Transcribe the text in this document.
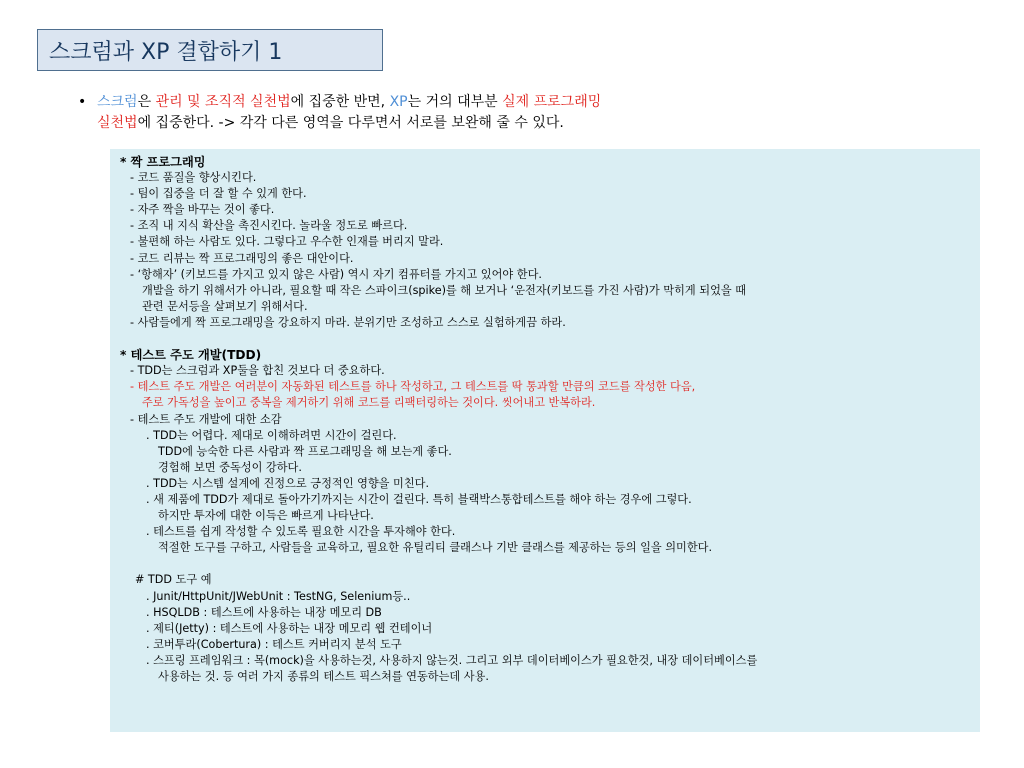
스크럼과 XP 결합하기 1
• 스크럼은 관리 및 조직적 실천법에 집중한 반면, XP는 거의 대부분 실제 프로그래밍
실천법에 집중한다. -> 각각 다른 영역을 다루면서 서로를 보완해 줄 수 있다.
* 짝 프로그래밍
- 코드 품질을 향상시킨다.
- 팀이 집중을 더 잘 할 수 있게 한다.
- 자주 짝을 바꾸는 것이 좋다.
- 조직 내 지식 확산을 촉진시킨다. 놀라울 정도로 빠르다.
- 불편해 하는 사람도 있다. 그렇다고 우수한 인재를 버리지 말라.
- 코드 리뷰는 짝 프로그래밍의 좋은 대안이다.
- ‘항해자’ (키보드를 가지고 있지 않은 사람) 역시 자기 컴퓨터를 가지고 있어야 한다.
개발을 하기 위해서가 아니라, 필요할 때 작은 스파이크(spike)를 해 보거나 ‘운전자(키보드를 가진 사람)가 막히게 되었을 때
관련 문서등을 살펴보기 위해서다.
- 사람들에게 짝 프로그래밍을 강요하지 마라. 분위기만 조성하고 스스로 실험하게끔 하라.
* 테스트 주도 개발(TDD)
- TDD는 스크럼과 XP둘을 합친 것보다 더 중요하다.
- 테스트 주도 개발은 여러분이 자동화된 테스트를 하나 작성하고, 그 테스트를 딱 통과할 만큼의 코드를 작성한 다음,
주로 가독성을 높이고 중복을 제거하기 위해 코드를 리팩터링하는 것이다. 씻어내고 반복하라.
- 테스트 주도 개발에 대한 소감
. TDD는 어렵다. 제대로 이해하려면 시간이 걸린다.
TDD에 능숙한 다른 사람과 짝 프로그래밍을 해 보는게 좋다.
경험해 보면 중독성이 강하다.
. TDD는 시스템 설계에 진정으로 긍정적인 영향을 미친다.
. 새 제품에 TDD가 제대로 돌아가기까지는 시간이 걸린다. 특히 블랙박스통합테스트를 해야 하는 경우에 그렇다.
하지만 투자에 대한 이득은 빠르게 나타난다.
. 테스트를 쉽게 작성할 수 있도록 필요한 시간을 투자해야 한다.
적절한 도구를 구하고, 사람들을 교육하고, 필요한 유틸리티 클래스나 기반 클래스를 제공하는 등의 일을 의미한다.
# TDD 도구 예
. Junit/HttpUnit/JWebUnit : TestNG, Selenium등..
. HSQLDB : 테스트에 사용하는 내장 메모리 DB
. 제티(Jetty) : 테스트에 사용하는 내장 메모리 웹 컨테이너
. 코버투라(Cobertura) : 테스트 커버리지 분석 도구
. 스프링 프레임워크 : 목(mock)을 사용하는것, 사용하지 않는것. 그리고 외부 데이터베이스가 필요한것, 내장 데이터베이스를
사용하는 것. 등 여러 가지 종류의 테스트 픽스쳐를 연동하는데 사용.
